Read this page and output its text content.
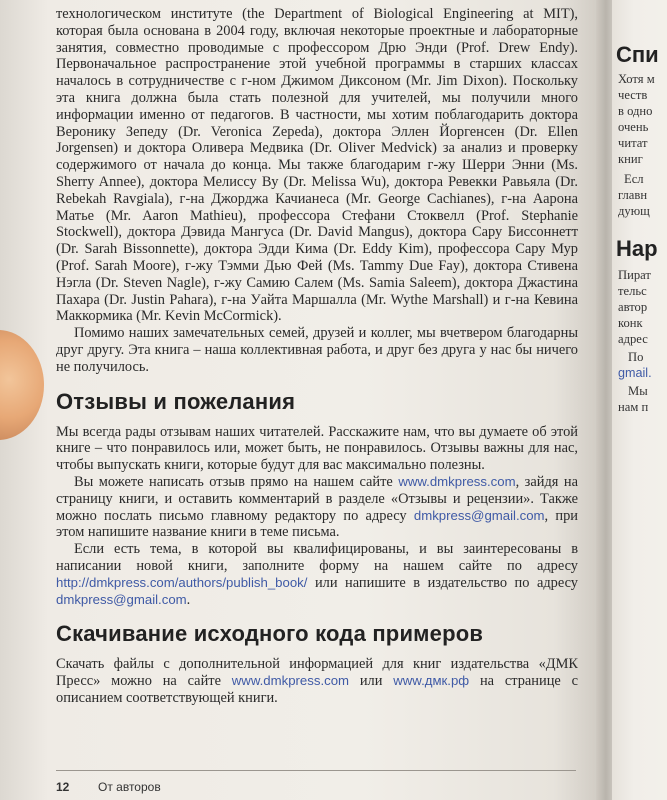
Спи
Хотя м
честв
в одно
очень
читат
книг
Есл
главн
дующ
Нар
Пират
тельс
автор
конк
адрес
По
gmail.
Мы
нам п

технологическом институте (the Department of Biological Engineering at MIT), которая была основана в 2004 году, включая некоторые проектные и лабораторные занятия, совместно проводимые с профессором Дрю Энди (Prof. Drew Endy). Первоначальное распространение этой учебной программы в старших классах началось в сотрудничестве с г-ном Джимом Диксоном (Mr. Jim Dixon). Поскольку эта книга должна была стать полезной для учителей, мы получили много информации именно от педагогов. В частности, мы хотим поблагодарить доктора Веронику Зепеду (Dr. Veronica Zepeda), доктора Эллен Йоргенсен (Dr. Ellen Jorgensen) и доктора Оливера Медвика (Dr. Oliver Medvick) за анализ и проверку содержимого от начала до конца. Мы также благодарим г-жу Шерри Энни (Ms. Sherry Annee), доктора Мелиссу Ву (Dr. Melissa Wu), доктора Ревекки Равьяла (Dr. Rebekah Ravgiala), г-на Джорджа Качианеса (Mr. George Cachianes), г-на Аарона Матье (Mr. Aaron Mathieu), профессора Стефани Стоквелл (Prof. Stephanie Stockwell), доктора Дэвида Мангуса (Dr. David Mangus), доктора Сару Биссоннетт (Dr. Sarah Bissonnette), доктора Эдди Кима (Dr. Eddy Kim), профессора Сару Мур (Prof. Sarah Moore), г-жу Тэмми Дью Фей (Ms. Tammy Due Fay), доктора Стивена Нэгла (Dr. Steven Nagle), г-жу Самию Салем (Ms. Samia Saleem), доктора Джастина Пахара (Dr. Justin Pahara), г-на Уайта Маршалла (Mr. Wythe Marshall) и г-на Кевина Маккормика (Mr. Kevin McCormick).

Помимо наших замечательных семей, друзей и коллег, мы вчетвером благодарны друг другу. Эта книга – наша коллективная работа, и друг без друга у нас бы ничего не получилось.

Отзывы и пожелания

Мы всегда рады отзывам наших читателей. Расскажите нам, что вы думаете об этой книге – что понравилось или, может быть, не понравилось. Отзывы важны для нас, чтобы выпускать книги, которые будут для вас максимально полезны.

Вы можете написать отзыв прямо на нашем сайте www.dmkpress.com, зайдя на страницу книги, и оставить комментарий в разделе «Отзывы и рецензии». Также можно послать письмо главному редактору по адресу dmkpress@gmail.com, при этом напишите название книги в теме письма.

Если есть тема, в которой вы квалифицированы, и вы заинтересованы в написании новой книги, заполните форму на нашем сайте по адресу http://dmkpress.com/authors/publish_book/ или напишите в издательство по адресу dmkpress@gmail.com.

Скачивание исходного кода примеров

Скачать файлы с дополнительной информацией для книг издательства «ДМК Пресс» можно на сайте www.dmkpress.com или www.дмк.рф на странице с описанием соответствующей книги.

12 От авторов
